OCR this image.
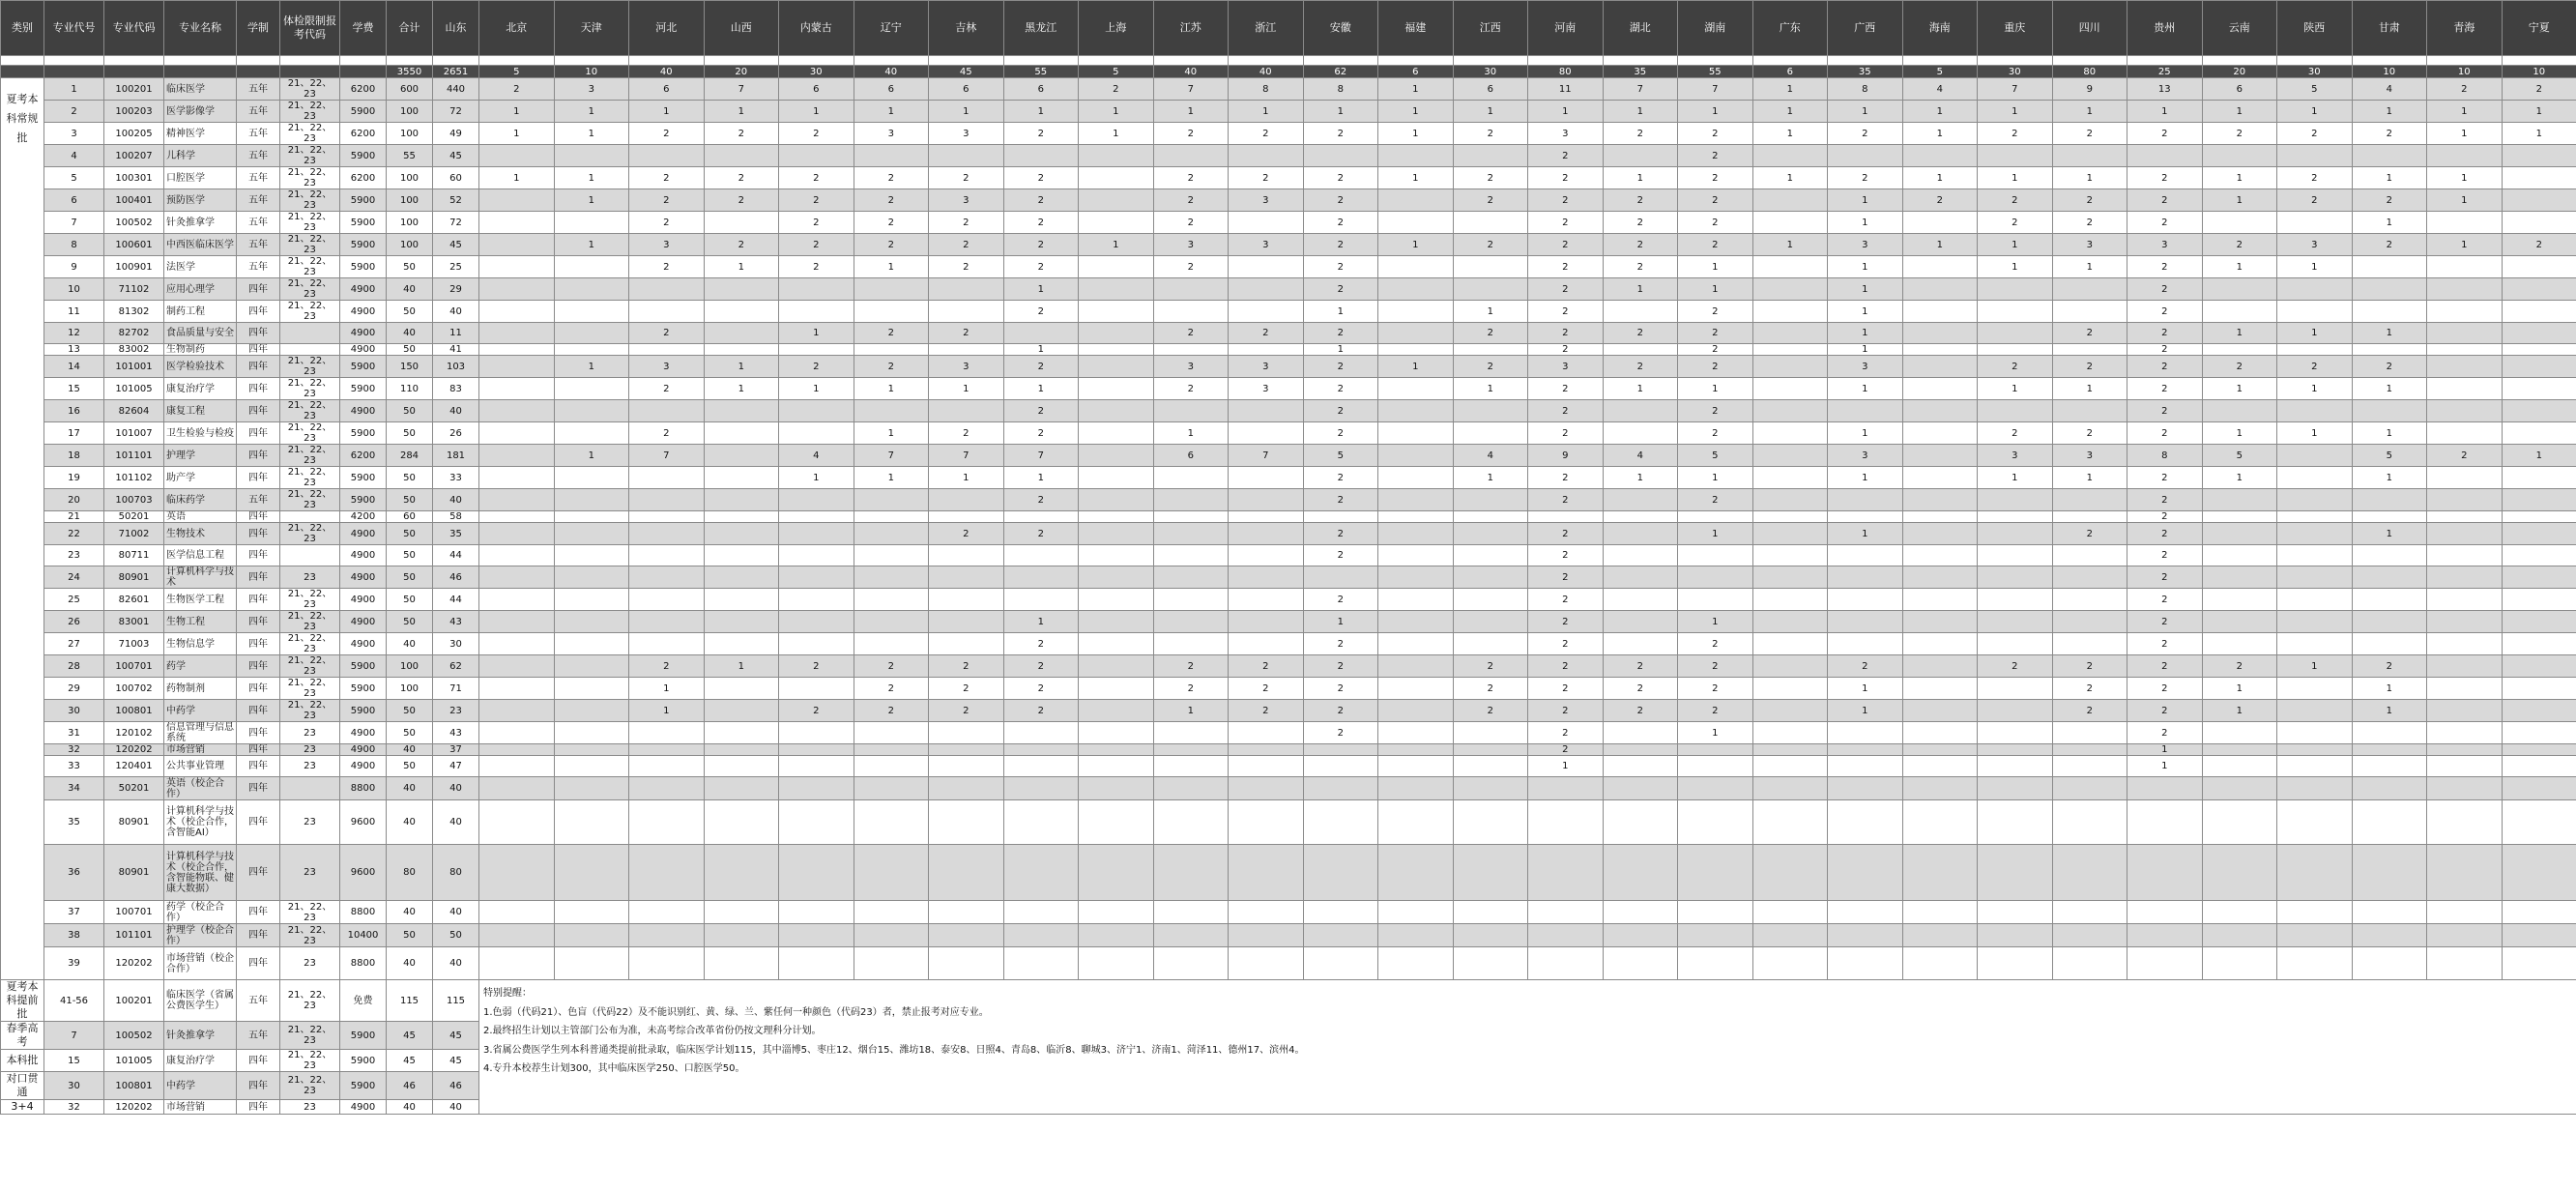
类别	专业代号	专业代码	专业名称	学制	体检限制报考代码	学费	合计	山东	北京	天津	河北	山西	内蒙古	辽宁	吉林	黑龙江	上海	江苏	浙江	安徽	福建	江西	河南	湖北	湖南	广东	广西	海南	重庆	四川	贵州	云南	陕西	甘肃	青海	宁夏

							3550	2651	5	10	40	20	30	40	45	55	5	40	40	62	6	30	80	35	55	6	35	5	30	80	25	20	30	10	10	10
夏考本科常规批	1	100201	临床医学	五年	21、22、23	6200	600	440	2	3	6	7	6	6	6	6	2	7	8	8	1	6	11	7	7	1	8	4	7	9	13	6	5	4	2	2
	2	100203	医学影像学	五年	21、22、23	5900	100	72	1	1	1	1	1	1	1	1	1	1	1	1	1	1	1	1	1	1	1	1	1	1	1	1	1	1	1	1
	3	100205	精神医学	五年	21、22、23	6200	100	49	1	1	2	2	2	3	3	2	1	2	2	2	1	2	3	2	2	1	2	1	2	2	2	2	2	2	1	1
	4	100207	儿科学	五年	21、22、23	5900	55	45															2		2											
	5	100301	口腔医学	五年	21、22、23	6200	100	60	1	1	2	2	2	2	2	2		2	2	2	1	2	2	1	2	1	2	1	1	1	2	1	2	1	1	
	6	100401	预防医学	五年	21、22、23	5900	100	52		1	2	2	2	2	3	2		2	3	2		2	2	2	2		1	2	2	2	2	1	2	2	1	
	7	100502	针灸推拿学	五年	21、22、23	5900	100	72			2		2	2	2	2		2		2			2	2	2		1		2	2	2			1		
	8	100601	中西医临床医学	五年	21、22、23	5900	100	45		1	3	2	2	2	2	2	1	3	3	2	1	2	2	2	2	1	3	1	1	3	3	2	3	2	1	2
	9	100901	法医学	五年	21、22、23	5900	50	25			2	1	2	1	2	2		2		2			2	2	1		1		1	1	2	1	1			
	10	71102	应用心理学	四年	21、22、23	4900	40	29								1				2			2	1	1		1				2					
	11	81302	制药工程	四年	21、22、23	4900	50	40								2				1		1	2		2		1				2					
	12	82702	食品质量与安全	四年		4900	40	11			2		1	2	2			2	2	2		2	2	2	2		1			2	2	1	1	1		
	13	83002	生物制药	四年		4900	50	41								1				1			2		2		1				2					
	14	101001	医学检验技术	四年	21、22、23	5900	150	103		1	3	1	2	2	3	2		3	3	2	1	2	3	2	2		3		2	2	2	2	2	2		
	15	101005	康复治疗学	四年	21、22、23	5900	110	83			2	1	1	1	1	1		2	3	2		1	2	1	1		1		1	1	2	1	1	1		
	16	82604	康复工程	四年	21、22、23	4900	50	40								2				2			2		2						2					
	17	101007	卫生检验与检疫	四年	21、22、23	5900	50	26			2			1	2	2		1		2			2		2		1		2	2	2	1	1	1		
	18	101101	护理学	四年	21、22、23	6200	284	181		1	7		4	7	7	7		6	7	5		4	9	4	5		3		3	3	8	5		5	2	1
	19	101102	助产学	四年	21、22、23	5900	50	33					1	1	1	1				2		1	2	1	1		1		1	1	2	1		1		
	20	100703	临床药学	五年	21、22、23	5900	50	40								2				2			2		2						2					
	21	50201	英语	四年		4200	60	58																							2					
	22	71002	生物技术	四年	21、22、23	4900	50	35							2	2				2			2		1		1			2	2			1		
	23	80711	医学信息工程	四年		4900	50	44												2			2								2					
	24	80901	计算机科学与技术	四年	23	4900	50	46															2								2					
	25	82601	生物医学工程	四年	21、22、23	4900	50	44												2			2								2					
	26	83001	生物工程	四年	21、22、23	4900	50	43								1				1			2		1						2					
	27	71003	生物信息学	四年	21、22、23	4900	40	30								2				2			2		2						2					
	28	100701	药学	四年	21、22、23	5900	100	62			2	1	2	2	2	2		2	2	2		2	2	2	2		2		2	2	2	2	1	2		
	29	100702	药物制剂	四年	21、22、23	5900	100	71			1			2	2	2		2	2	2		2	2	2	2		1			2	2	1		1		
	30	100801	中药学	四年	21、22、23	5900	50	23			1		2	2	2	2		1	2	2		2	2	2	2		1			2	2	1		1		
	31	120102	信息管理与信息系统	四年	23	4900	50	43												2			2		1						2					
	32	120202	市场营销	四年	23	4900	40	37															2								1					
	33	120401	公共事业管理	四年	23	4900	50	47															1								1					
	34	50201	英语（校企合作）	四年		8800	40	40																												
	35	80901	计算机科学与技术（校企合作，含智能AI）	四年	23	9600	40	40																												
	36	80901	计算机科学与技术（校企合作，含智能物联、健康大数据）	四年	23	9600	80	80																												
	37	100701	药学（校企合作）	四年	21、22、23	8800	40	40																												
	38	101101	护理学（校企合作）	四年	21、22、23	10400	50	50																												
	39	120202	市场营销（校企合作）	四年	23	8800	40	40																												
夏考本科提前批	41-56	100201	临床医学（省属公费医学生）	五年	21、22、23	免费	115	115	特别提醒：
1.色弱（代码21）、色盲（代码22）及不能识别红、黄、绿、兰、紫任何一种颜色（代码23）者，禁止报考对应专业。
2.最终招生计划以主管部门公布为准，未高考综合改革省份仍按文理科分计划。
3.省属公费医学生列本科普通类提前批录取，临床医学计划115，其中淄博5、枣庄12、烟台15、潍坊18、泰安8、日照4、青岛8、临沂8、聊城3、济宁1、济南1、菏泽11、德州17、滨州4。
4.专升本校荐生计划300，其中临床医学250、口腔医学50。																											

春季高考	7	100502	针灸推拿学	五年	21、22、23	5900	45	45																												
本科批	15	101005	康复治疗学	四年	21、22、23	5900	45	45																												
对口贯通	30	100801	中药学	四年	21、22、23	5900	46	46																												
3+4	32	120202	市场营销	四年	23	4900	40	40																												
